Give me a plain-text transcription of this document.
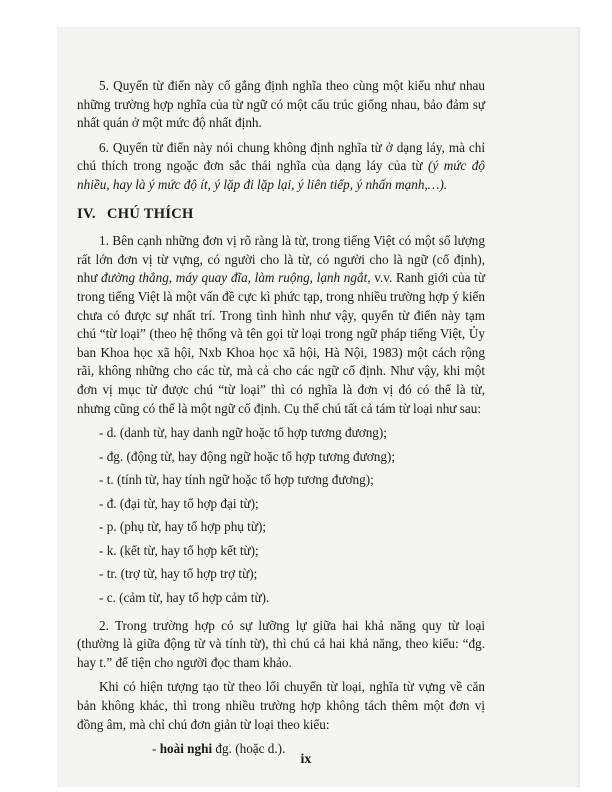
5. Quyển từ điển này cố gắng định nghĩa theo cùng một kiểu như nhau những trường hợp nghĩa của từ ngữ có một cấu trúc giống nhau, bảo đảm sự nhất quán ở một mức độ nhất định.

6. Quyển từ điển này nói chung không định nghĩa từ ở dạng láy, mà chỉ chú thích trong ngoặc đơn sắc thái nghĩa của dạng láy của từ (ý mức độ nhiều, hay là ý mức độ ít, ý lặp đi lặp lại, ý liên tiếp, ý nhấn mạnh,…).

IV. CHÚ THÍCH

1. Bên cạnh những đơn vị rõ ràng là từ, trong tiếng Việt có một số lượng rất lớn đơn vị từ vựng, có người cho là từ, có người cho là ngữ (cố định), như đường thẳng, máy quay đĩa, làm ruộng, lạnh ngắt, v.v. Ranh giới của từ trong tiếng Việt là một vấn đề cực kì phức tạp, trong nhiều trường hợp ý kiến chưa có được sự nhất trí. Trong tình hình như vậy, quyển từ điển này tạm chú “từ loại” (theo hệ thống và tên gọi từ loại trong ngữ pháp tiếng Việt, Ủy ban Khoa học xã hội, Nxb Khoa học xã hội, Hà Nội, 1983) một cách rộng rãi, không những cho các từ, mà cả cho các ngữ cố định. Như vậy, khi một đơn vị mục từ được chú “từ loại” thì có nghĩa là đơn vị đó có thể là từ, nhưng cũng có thể là một ngữ cố định. Cụ thể chú tất cả tám từ loại như sau:

- d. (danh từ, hay danh ngữ hoặc tổ hợp tương đương);
- đg. (động từ, hay động ngữ hoặc tổ hợp tương đương);
- t. (tính từ, hay tính ngữ hoặc tổ hợp tương đương);
- đ. (đại từ, hay tổ hợp đại từ);
- p. (phụ từ, hay tổ hợp phụ từ);
- k. (kết từ, hay tổ hợp kết từ);
- tr. (trợ từ, hay tổ hợp trợ từ);
- c. (cảm từ, hay tổ hợp cảm từ).

2. Trong trường hợp có sự lưỡng lự giữa hai khả năng quy từ loại (thường là giữa động từ và tính từ), thì chú cả hai khả năng, theo kiểu: “đg. hay t.” để tiện cho người đọc tham khảo.

Khi có hiện tượng tạo từ theo lối chuyển từ loại, nghĩa từ vựng về căn bản không khác, thì trong nhiều trường hợp không tách thêm một đơn vị đồng âm, mà chỉ chú đơn giản từ loại theo kiểu:

- hoài nghi đg. (hoặc d.).
ix
